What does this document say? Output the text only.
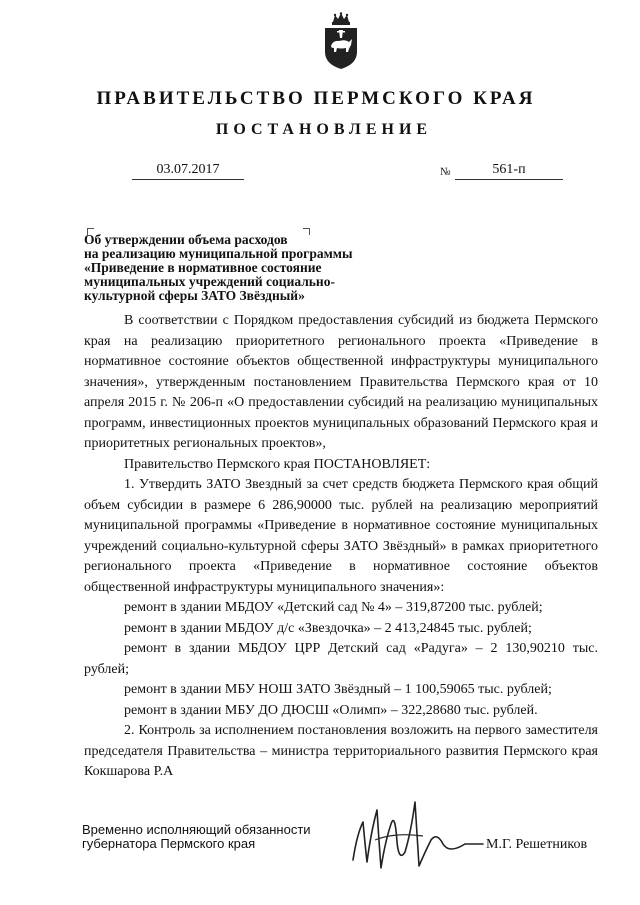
ПРАВИТЕЛЬСТВО ПЕРМСКОГО КРАЯ
ПОСТАНОВЛЕНИЕ
03.07.2017	№	561-п
Об утверждении объема расходов
на реализацию муниципальной программы
«Приведение в нормативное состояние
муниципальных учреждений социально-
культурной сферы ЗАТО Звёздный»

В соответствии с Порядком предоставления субсидий из бюджета Пермского края на реализацию приоритетного регионального проекта «Приведение в нормативное состояние объектов общественной инфраструктуры муниципального значения», утвержденным постановлением Правительства Пермского края от 10 апреля 2015 г. № 206-п «О предоставлении субсидий на реализацию муниципальных программ, инвестиционных проектов муниципальных образований Пермского края и приоритетных региональных проектов»,

Правительство Пермского края ПОСТАНОВЛЯЕТ:

1. Утвердить ЗАТО Звездный за счет средств бюджета Пермского края общий объем субсидии в размере 6 286,90000 тыс. рублей на реализацию мероприятий муниципальной программы «Приведение в нормативное состояние муниципальных учреждений социально-культурной сферы ЗАТО Звёздный» в рамках приоритетного регионального проекта «Приведение в нормативное состояние объектов общественной инфраструктуры муниципального значения»:

ремонт в здании МБДОУ «Детский сад № 4» – 319,87200 тыс. рублей;

ремонт в здании МБДОУ д/с «Звездочка» – 2 413,24845 тыс. рублей;

ремонт в здании МБДОУ ЦРР Детский сад «Радуга» – 2 130,90210 тыс. рублей;

ремонт в здании МБУ НОШ ЗАТО Звёздный – 1 100,59065 тыс. рублей;

ремонт в здании МБУ ДО ДЮСШ «Олимп» – 322,28680 тыс. рублей.

2. Контроль за исполнением постановления возложить на первого заместителя председателя Правительства – министра территориального развития Пермского края Кокшарова Р.А

Временно исполняющий обязанности
губернатора Пермского края	М.Г. Решетников
